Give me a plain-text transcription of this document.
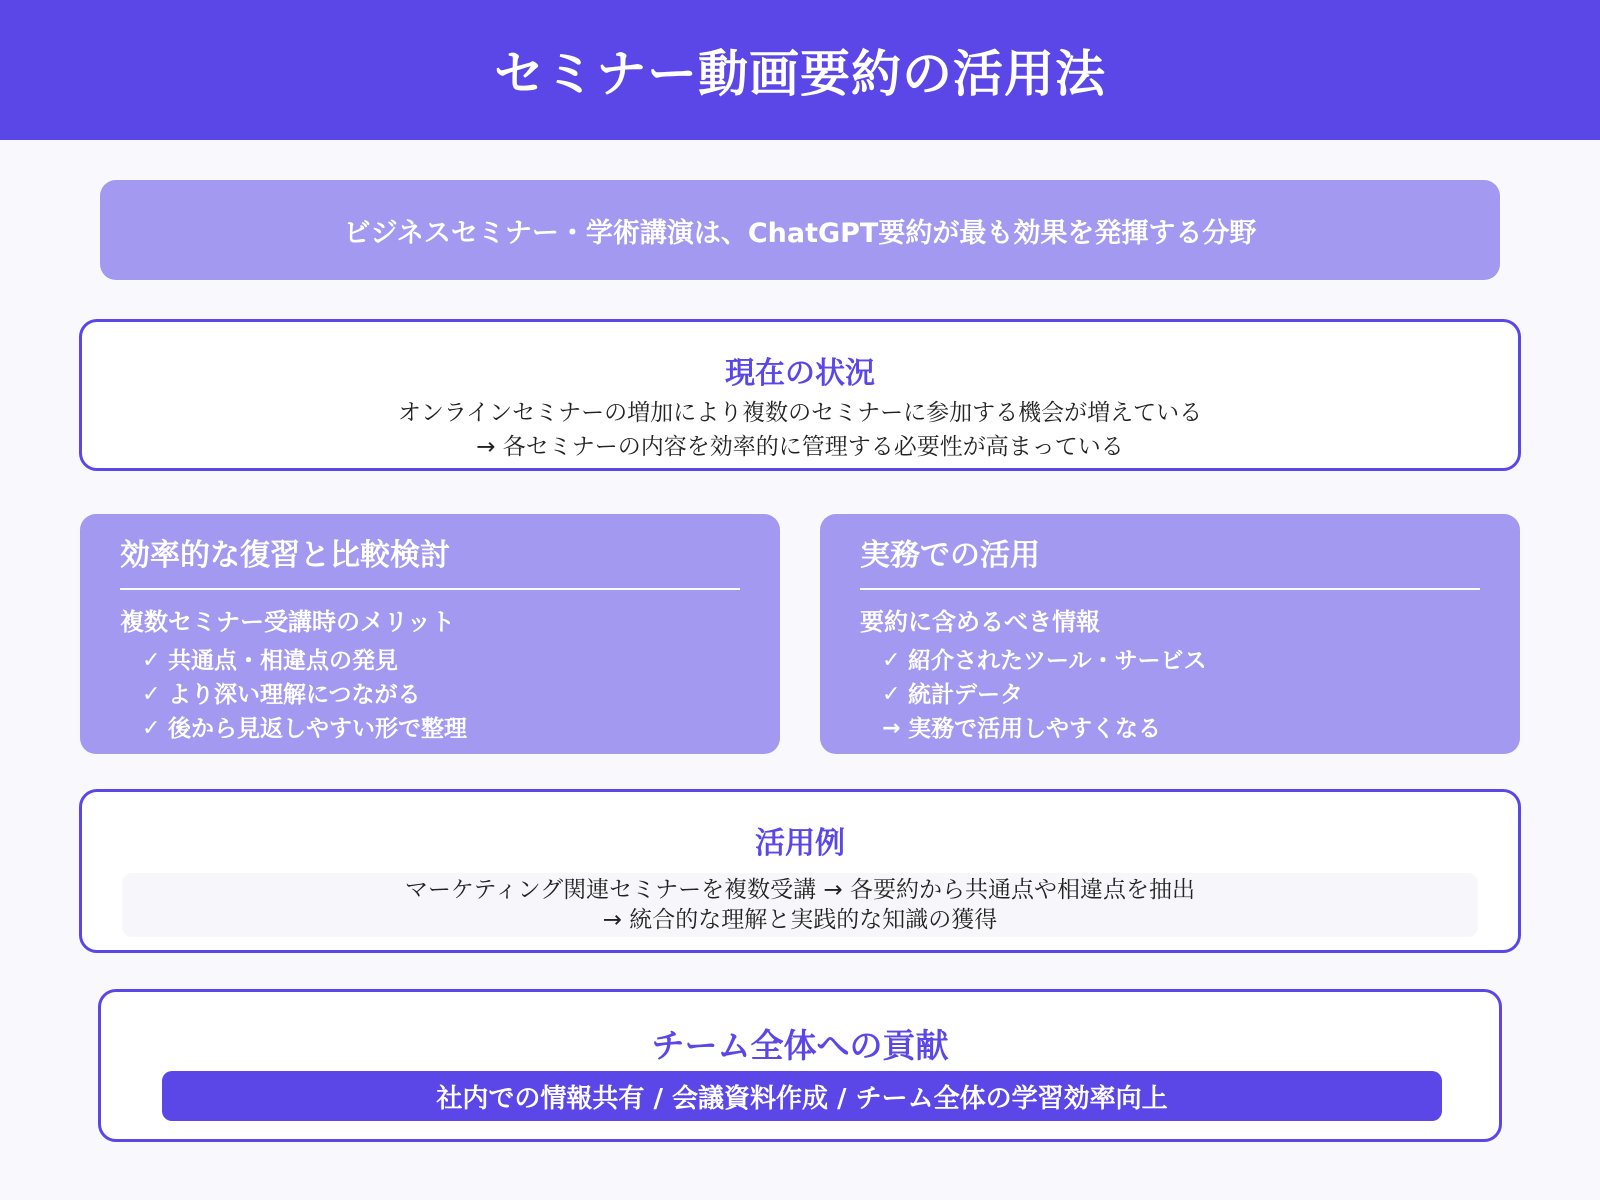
セミナー動画要約の活用法
ビジネスセミナー・学術講演は、ChatGPT要約が最も効果を発揮する分野
現在の状況
オンラインセミナーの増加により複数のセミナーに参加する機会が増えている
→ 各セミナーの内容を効率的に管理する必要性が高まっている
効率的な復習と比較検討
複数セミナー受講時のメリット
✓ 共通点・相違点の発見
✓ より深い理解につながる
✓ 後から見返しやすい形で整理
実務での活用
要約に含めるべき情報
✓ 紹介されたツール・サービス
✓ 統計データ
→ 実務で活用しやすくなる
活用例
マーケティング関連セミナーを複数受講 → 各要約から共通点や相違点を抽出
→ 統合的な理解と実践的な知識の獲得
チーム全体への貢献
社内での情報共有 / 会議資料作成 / チーム全体の学習効率向上
